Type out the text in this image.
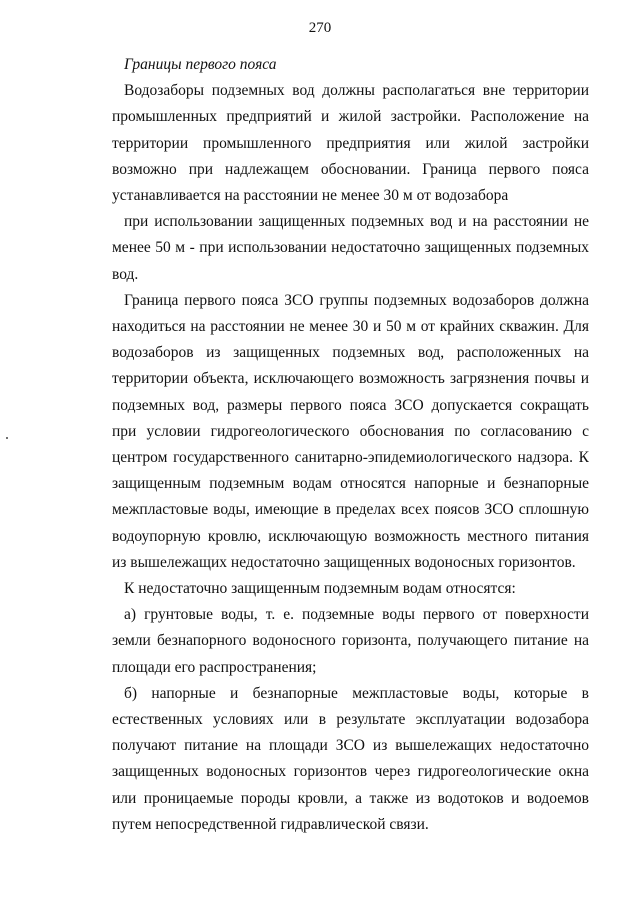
270
Границы первого пояса

Водозаборы подземных вод должны располагаться вне территории промышленных предприятий и жилой застройки. Расположение на территории промышленного предприятия или жилой застройки возможно при надлежащем обосновании. Граница первого пояса устанавливается на расстоянии не менее 30 м от водозабора

при использовании защищенных подземных вод и на расстоянии не менее 50 м - при использовании недостаточно защищенных подземных вод.

Граница первого пояса ЗСО группы подземных водозаборов должна находиться на расстоянии не менее 30 и 50 м от крайних скважин. Для водозаборов из защищенных подземных вод, расположенных на территории объекта, исключающего возможность загрязнения почвы и подземных вод, размеры первого пояса ЗСО допускается сокращать при условии гидрогеологического обоснования по согласованию с центром государственного санитарно-эпидемиологического надзора. К защищенным подземным водам относятся напорные и безнапорные межпластовые воды, имеющие в пределах всех поясов ЗСО сплошную водоупорную кровлю, исключающую возможность местного питания из вышележащих недостаточно защищенных водоносных горизонтов.

К недостаточно защищенным подземным водам относятся:

а) грунтовые воды, т. е. подземные воды первого от поверхности земли безнапорного водоносного горизонта, получающего питание на площади его распространения;

б) напорные и безнапорные межпластовые воды, которые в естественных условиях или в результате эксплуатации водозабора получают питание на площади ЗСО из вышележащих недостаточно защищенных водоносных горизонтов через гидрогеологические окна или проницаемые породы кровли, а также из водотоков и водоемов путем непосредственной гидравлической связи.
